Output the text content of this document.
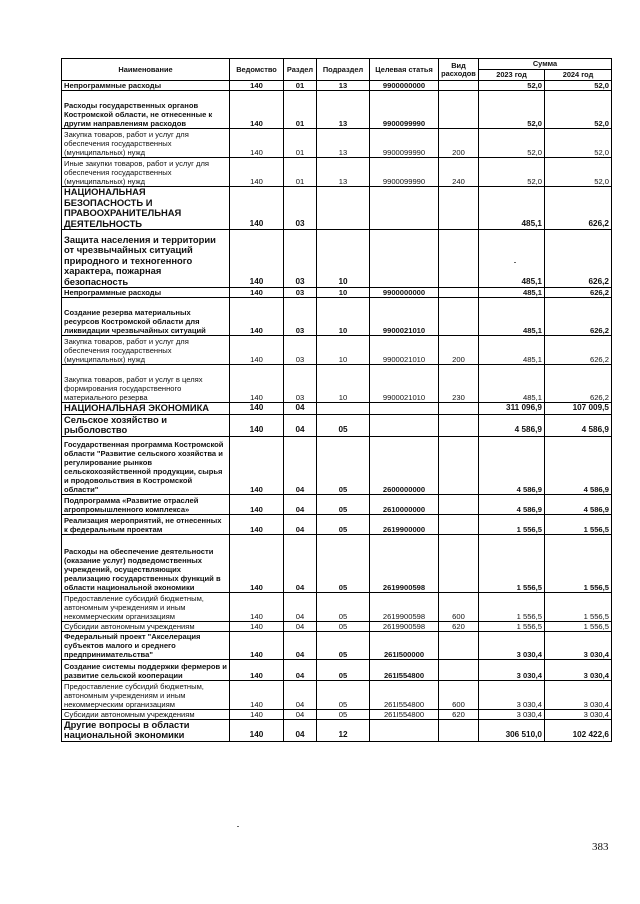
Наименование	Ведомство	Раздел	Подраздел	Целевая статья	Вид расходов	Сумма	
						2023 год	2024 год
Непрограммные расходы	140	01	13	9900000000		52,0	52,0
Расходы государственных органов Костромской области, не отнесенные к другим направлениям расходов	140	01	13	9900099990		52,0	52,0
Закупка товаров, работ и услуг для обеспечения государственных (муниципальных) нужд	140	01	13	9900099990	200	52,0	52,0
Иные закупки товаров, работ и услуг для обеспечения государственных (муниципальных) нужд	140	01	13	9900099990	240	52,0	52,0
НАЦИОНАЛЬНАЯ БЕЗОПАСНОСТЬ И ПРАВООХРАНИТЕЛЬНАЯ ДЕЯТЕЛЬНОСТЬ	140	03				485,1	626,2
Защита населения и территории от чрезвычайных ситуаций природного и техногенного характера, пожарная безопасность	140	03	10			485,1	626,2
Непрограммные расходы	140	03	10	9900000000		485,1	626,2
Создание резерва материальных ресурсов Костромской области для ликвидации чрезвычайных ситуаций	140	03	10	9900021010		485,1	626,2
Закупка товаров, работ и услуг для обеспечения государственных (муниципальных) нужд	140	03	10	9900021010	200	485,1	626,2
Закупка товаров, работ и услуг в целях формирования государственного материального резерва	140	03	10	9900021010	230	485,1	626,2
НАЦИОНАЛЬНАЯ ЭКОНОМИКА	140	04				311 096,9	107 009,5
Сельское хозяйство и рыболовство	140	04	05			4 586,9	4 586,9
Государственная программа Костромской области "Развитие сельского хозяйства и регулирование рынков сельскохозяйственной продукции, сырья и продовольствия в Костромской области"	140	04	05	2600000000		4 586,9	4 586,9
Подпрограмма «Развитие отраслей агропромышленного комплекса»	140	04	05	2610000000		4 586,9	4 586,9
Реализация мероприятий, не отнесенных к федеральным проектам	140	04	05	2619900000		1 556,5	1 556,5
Расходы на обеспечение деятельности (оказание услуг) подведомственных учреждений, осуществляющих реализацию государственных функций в области национальной экономики	140	04	05	2619900598		1 556,5	1 556,5
Предоставление субсидий бюджетным, автономным учреждениям и иным некоммерческим организациям	140	04	05	2619900598	600	1 556,5	1 556,5
Субсидии автономным учреждениям	140	04	05	2619900598	620	1 556,5	1 556,5
Федеральный проект "Акселерация субъектов малого и среднего предпринимательства"	140	04	05	261I500000		3 030,4	3 030,4
Создание системы поддержки фермеров и развитие сельской кооперации	140	04	05	261I554800		3 030,4	3 030,4
Предоставление субсидий бюджетным, автономным учреждениям и иным некоммерческим организациям	140	04	05	261I554800	600	3 030,4	3 030,4
Субсидии автономным учреждениям	140	04	05	261I554800	620	3 030,4	3 030,4
Другие вопросы в области национальной экономики	140	04	12			306 510,0	102 422,6
383
